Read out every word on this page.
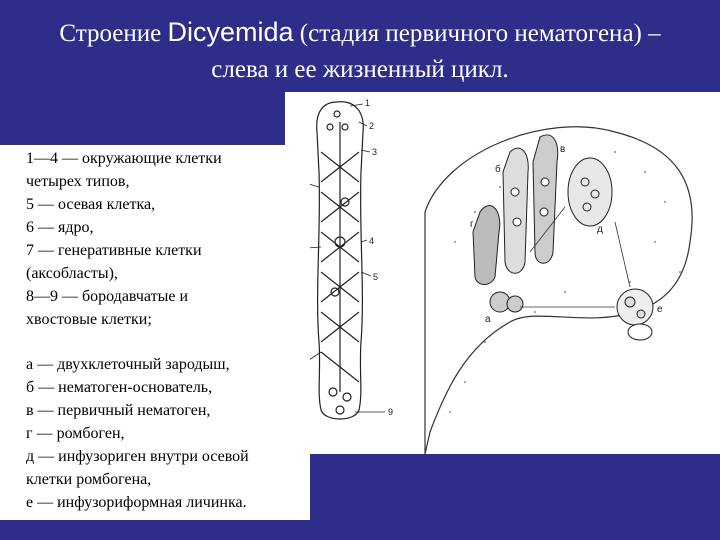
Строение Dicyemida (стадия первичного нематогена) –
слева и ее жизненный цикл.
1
2
3
4
5
9
г
б
в
д
а
е
1—4 — окружающие клетки
четырех типов,
5 — осевая клетка,
6 — ядро,
7 — генеративные клетки
(аксобласты),
8—9 — бородавчатые и
хвостовые клетки;
а — двухклеточный зародыш,
б — нематоген-основатель,
в — первичный нематоген,
г — ромбоген,
д — инфузориген внутри осевой
клетки ромбогена,
е — инфузориформная личинка.
